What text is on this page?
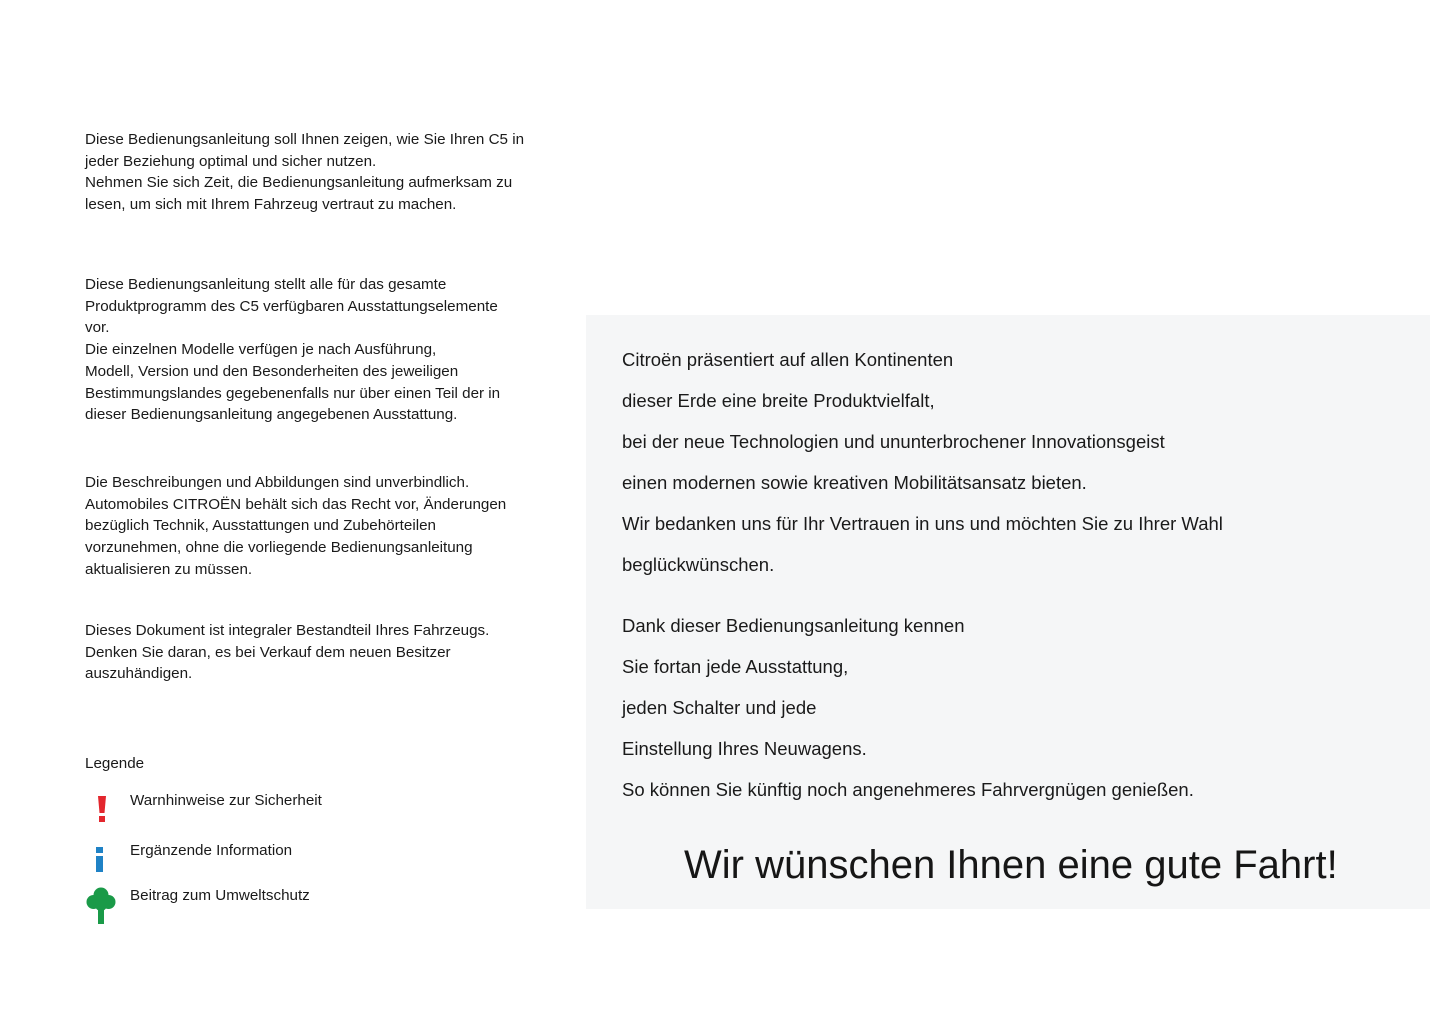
Diese Bedienungsanleitung soll Ihnen zeigen, wie Sie Ihren C5 in
jeder Beziehung optimal und sicher nutzen.
Nehmen Sie sich Zeit, die Bedienungsanleitung aufmerksam zu
lesen, um sich mit Ihrem Fahrzeug vertraut zu machen.

Diese Bedienungsanleitung stellt alle für das gesamte
Produktprogramm des C5 verfügbaren Ausstattungselemente
vor.
Die einzelnen Modelle verfügen je nach Ausführung,
Modell, Version und den Besonderheiten des jeweiligen
Bestimmungslandes gegebenenfalls nur über einen Teil der in
dieser Bedienungsanleitung angegebenen Ausstattung.

Die Beschreibungen und Abbildungen sind unverbindlich.
Automobiles CITROËN behält sich das Recht vor, Änderungen
bezüglich Technik, Ausstattungen und Zubehörteilen
vorzunehmen, ohne die vorliegende Bedienungsanleitung
aktualisieren zu müssen.

Dieses Dokument ist integraler Bestandteil Ihres Fahrzeugs.
Denken Sie daran, es bei Verkauf dem neuen Besitzer
auszuhändigen.

Legende
Warnhinweise zur Sicherheit
Ergänzende Information
Beitrag zum Umweltschutz
Citroën präsentiert auf allen Kontinenten
dieser Erde eine breite Produktvielfalt,
bei der neue Technologien und ununterbrochener Innovationsgeist
einen modernen sowie kreativen Mobilitätsansatz bieten.
Wir bedanken uns für Ihr Vertrauen in uns und möchten Sie zu Ihrer Wahl
beglückwünschen.
Dank dieser Bedienungsanleitung kennen
Sie fortan jede Ausstattung,
jeden Schalter und jede
Einstellung Ihres Neuwagens.
So können Sie künftig noch angenehmeres Fahrvergnügen genießen.
Wir wünschen Ihnen eine gute Fahrt!
